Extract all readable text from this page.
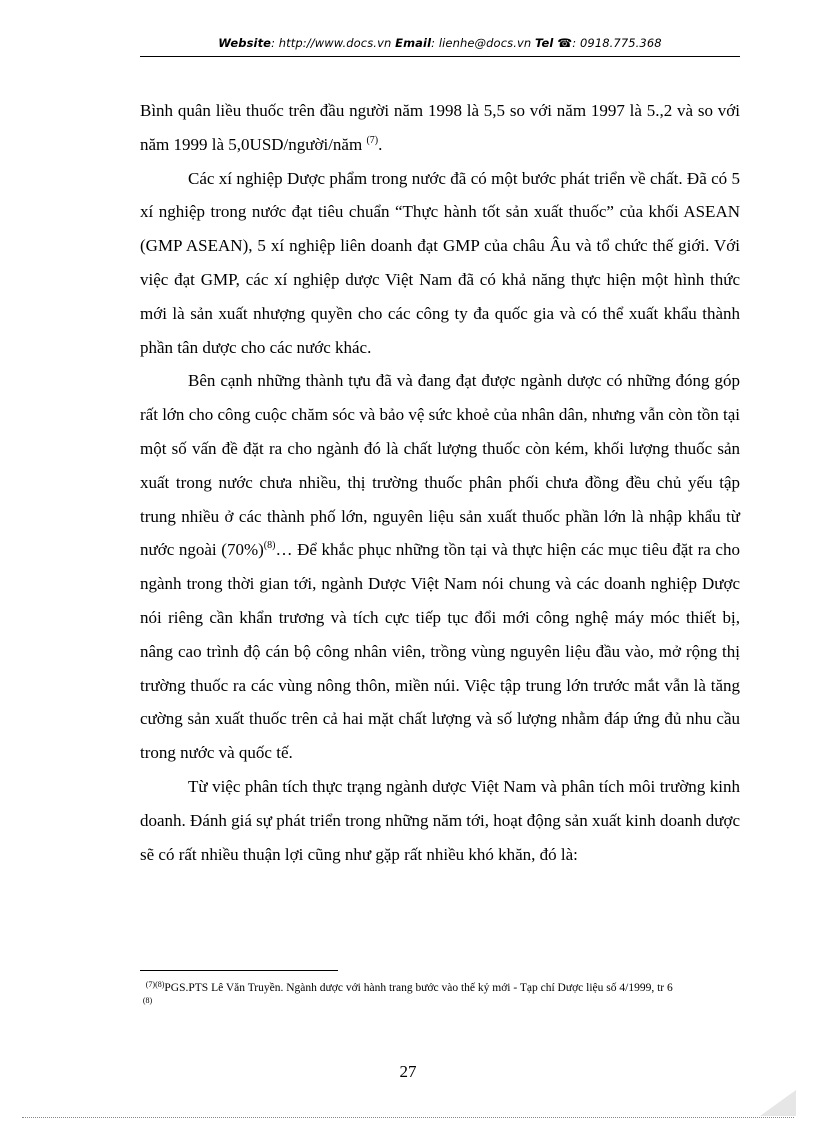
Website: http://www.docs.vn Email: lienhe@docs.vn Tel ☎: 0918.775.368

Bình quân liều thuốc trên đầu người năm 1998 là 5,5 so với năm 1997 là 5.,2 và so với năm 1999 là 5,0USD/người/năm $^{(7)}$.

Các xí nghiệp Dược phẩm trong nước đã có một bước phát triển về chất. Đã có 5 xí nghiệp trong nước đạt tiêu chuẩn “Thực hành tốt sản xuất thuốc” của khối ASEAN (GMP ASEAN), 5 xí nghiệp liên doanh đạt GMP của châu Âu và tổ chức thế giới. Với việc đạt GMP, các xí nghiệp dược Việt Nam đã có khả năng thực hiện một hình thức mới là sản xuất nhượng quyền cho các công ty đa quốc gia và có thể xuất khẩu thành phần tân dược cho các nước khác.

Bên cạnh những thành tựu đã và đang đạt được ngành dược có những đóng góp rất lớn cho công cuộc chăm sóc và bảo vệ sức khoẻ của nhân dân, nhưng vẫn còn tồn tại một số vấn đề đặt ra cho ngành đó là chất lượng thuốc còn kém, khối lượng thuốc sản xuất trong nước chưa nhiều, thị trường thuốc phân phối chưa đồng đều chủ yếu tập trung nhiều ở các thành phố lớn, nguyên liệu sản xuất thuốc phần lớn là nhập khẩu từ nước ngoài $(70\%)^{(8)}\dots$ Để khắc phục những tồn tại và thực hiện các mục tiêu đặt ra cho ngành trong thời gian tới, ngành Dược Việt Nam nói chung và các doanh nghiệp Dược nói riêng cần khẩn trương và tích cực tiếp tục đổi mới công nghệ máy móc thiết bị, nâng cao trình độ cán bộ công nhân viên, trồng vùng nguyên liệu đầu vào, mở rộng thị trường thuốc ra các vùng nông thôn, miền núi. Việc tập trung lớn trước mắt vẫn là tăng cường sản xuất thuốc trên cả hai mặt chất lượng và số lượng nhằm đáp ứng đủ nhu cầu trong nước và quốc tế.

Từ việc phân tích thực trạng ngành dược Việt Nam và phân tích môi trường kinh doanh. Đánh giá sự phát triển trong những năm tới, hoạt động sản xuất kinh doanh dược sẽ có rất nhiều thuận lợi cũng như gặp rất nhiều khó khăn, đó là:

$^{(7)(8)}$PGS.PTS Lê Văn Truyền. Ngành dược với hành trang bước vào thế kỷ mới - Tạp chí Dược liệu số 4/1999, tr 6

$^{(8)}$

27
